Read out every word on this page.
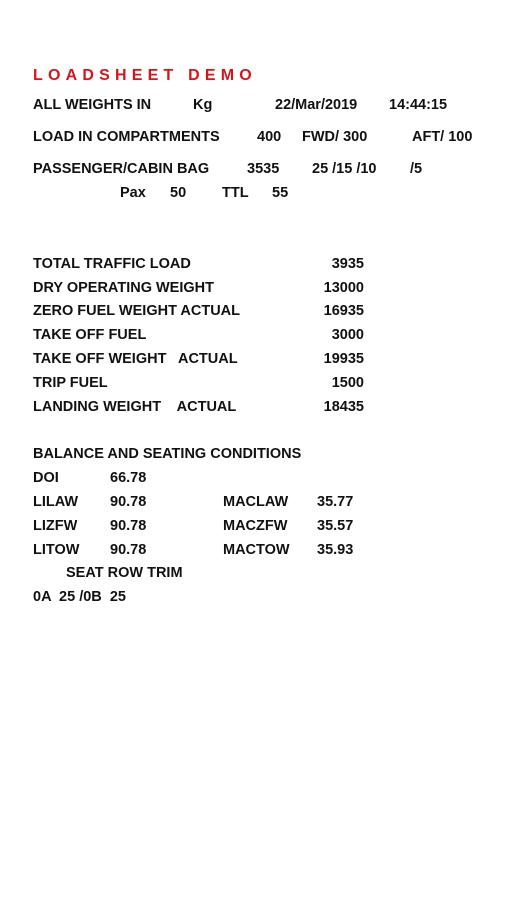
LOADSHEET DEMO
ALL WEIGHTS IN	Kg	22/Mar/2019 14:44:15
LOAD IN COMPARTMENTS	400 FWD/ 300	AFT/ 100
PASSENGER/CABIN BAG	3535 25 /15 /10 /5
Pax 50 TTL 55
TOTAL TRAFFIC LOAD	3935
DRY OPERATING WEIGHT	13000
ZERO FUEL WEIGHT ACTUAL	16935
TAKE OFF FUEL	3000
TAKE OFF WEIGHT   ACTUAL	19935
TRIP FUEL	1500
LANDING WEIGHT    ACTUAL	18435
BALANCE AND SEATING CONDITIONS
DOI	66.78
LILAW 90.78	MACLAW 35.77
LIZFW 90.78	MACZFW 35.57
LITOW 90.78	MACTOW 35.93
SEAT ROW TRIM
0A  25 /0B  25
